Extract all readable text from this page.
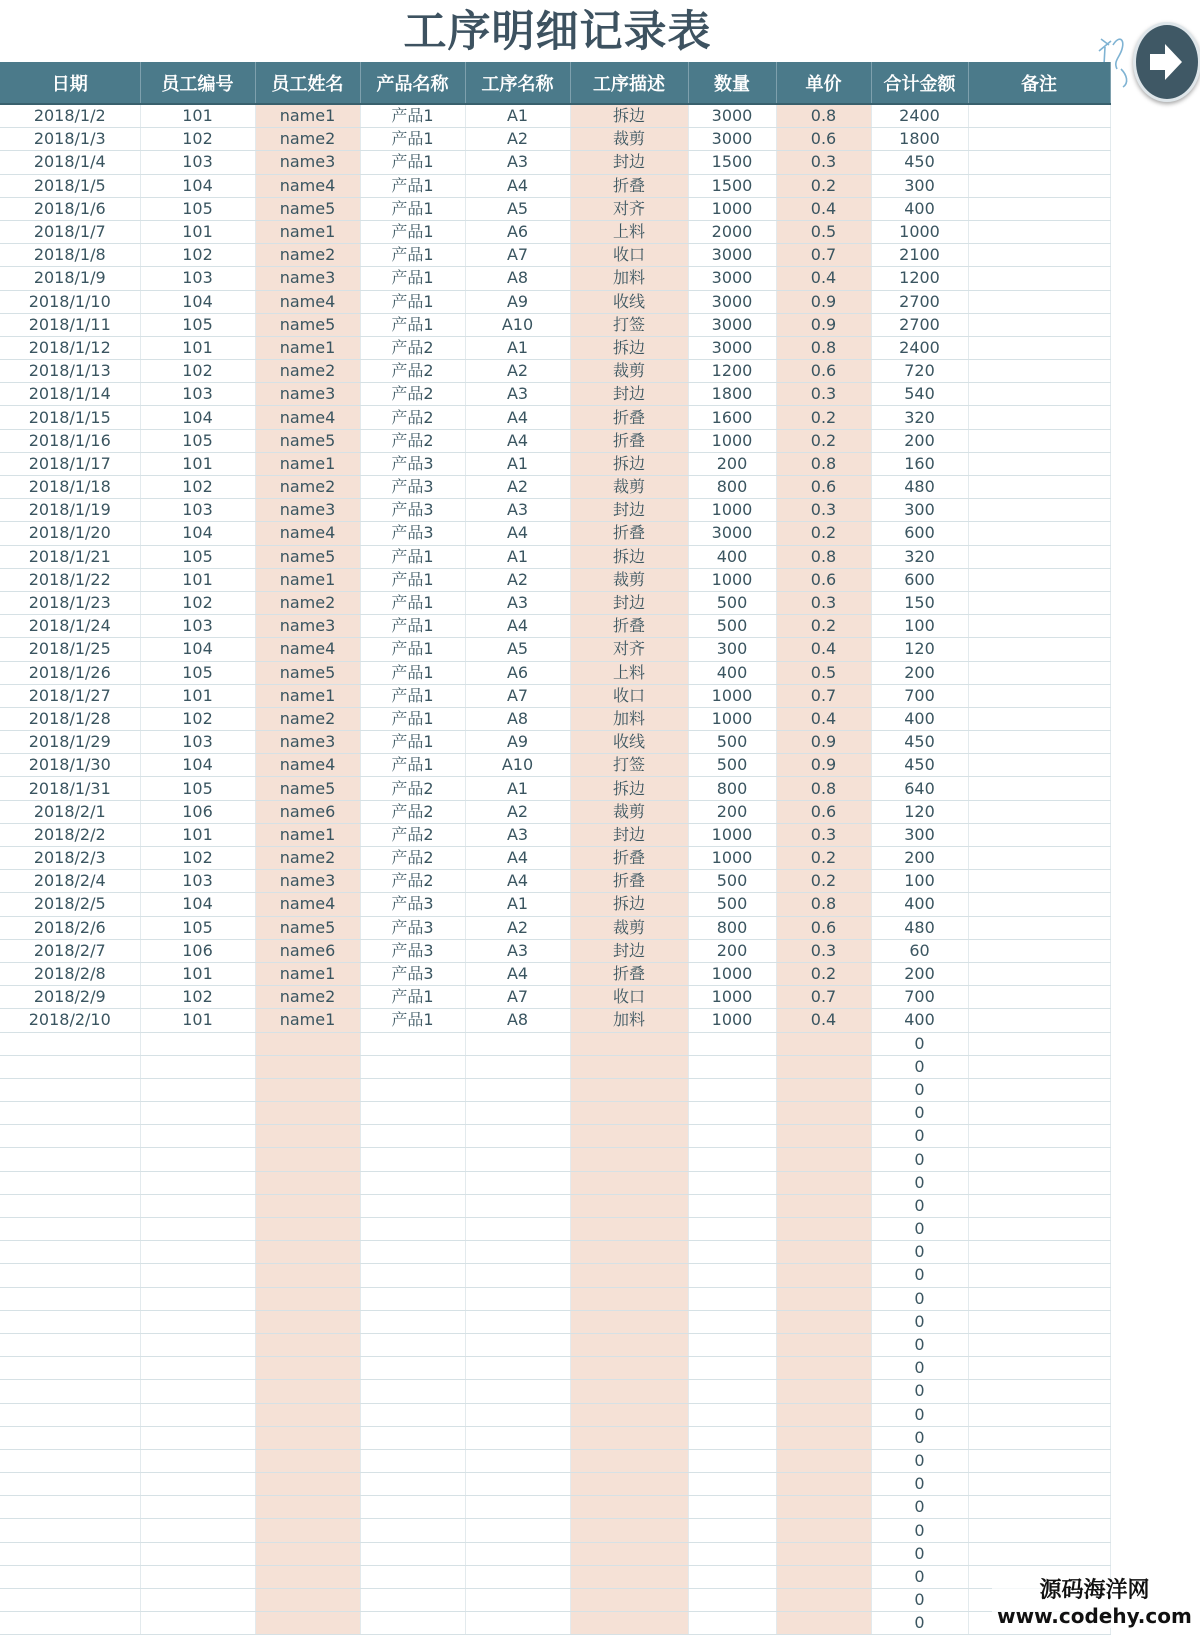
工序明细记录表
日期	员工编号	员工姓名	产品名称	工序名称	工序描述	数量	单价	合计金额	备注
2018/1/2	101	name1	产品1	A1	拆边	3000	0.8	2400	
2018/1/3	102	name2	产品1	A2	裁剪	3000	0.6	1800	
2018/1/4	103	name3	产品1	A3	封边	1500	0.3	450	
2018/1/5	104	name4	产品1	A4	折叠	1500	0.2	300	
2018/1/6	105	name5	产品1	A5	对齐	1000	0.4	400	
2018/1/7	101	name1	产品1	A6	上料	2000	0.5	1000	
2018/1/8	102	name2	产品1	A7	收口	3000	0.7	2100	
2018/1/9	103	name3	产品1	A8	加料	3000	0.4	1200	
2018/1/10	104	name4	产品1	A9	收线	3000	0.9	2700	
2018/1/11	105	name5	产品1	A10	打签	3000	0.9	2700	
2018/1/12	101	name1	产品2	A1	拆边	3000	0.8	2400	
2018/1/13	102	name2	产品2	A2	裁剪	1200	0.6	720	
2018/1/14	103	name3	产品2	A3	封边	1800	0.3	540	
2018/1/15	104	name4	产品2	A4	折叠	1600	0.2	320	
2018/1/16	105	name5	产品2	A4	折叠	1000	0.2	200	
2018/1/17	101	name1	产品3	A1	拆边	200	0.8	160	
2018/1/18	102	name2	产品3	A2	裁剪	800	0.6	480	
2018/1/19	103	name3	产品3	A3	封边	1000	0.3	300	
2018/1/20	104	name4	产品3	A4	折叠	3000	0.2	600	
2018/1/21	105	name5	产品1	A1	拆边	400	0.8	320	
2018/1/22	101	name1	产品1	A2	裁剪	1000	0.6	600	
2018/1/23	102	name2	产品1	A3	封边	500	0.3	150	
2018/1/24	103	name3	产品1	A4	折叠	500	0.2	100	
2018/1/25	104	name4	产品1	A5	对齐	300	0.4	120	
2018/1/26	105	name5	产品1	A6	上料	400	0.5	200	
2018/1/27	101	name1	产品1	A7	收口	1000	0.7	700	
2018/1/28	102	name2	产品1	A8	加料	1000	0.4	400	
2018/1/29	103	name3	产品1	A9	收线	500	0.9	450	
2018/1/30	104	name4	产品1	A10	打签	500	0.9	450	
2018/1/31	105	name5	产品2	A1	拆边	800	0.8	640	
2018/2/1	106	name6	产品2	A2	裁剪	200	0.6	120	
2018/2/2	101	name1	产品2	A3	封边	1000	0.3	300	
2018/2/3	102	name2	产品2	A4	折叠	1000	0.2	200	
2018/2/4	103	name3	产品2	A4	折叠	500	0.2	100	
2018/2/5	104	name4	产品3	A1	拆边	500	0.8	400	
2018/2/6	105	name5	产品3	A2	裁剪	800	0.6	480	
2018/2/7	106	name6	产品3	A3	封边	200	0.3	60	
2018/2/8	101	name1	产品3	A4	折叠	1000	0.2	200	
2018/2/9	102	name2	产品1	A7	收口	1000	0.7	700	
2018/2/10	101	name1	产品1	A8	加料	1000	0.4	400	
								0	
								0	
								0	
								0	
								0	
								0	
								0	
								0	
								0	
								0	
								0	
								0	
								0	
								0	
								0	
								0	
								0	
								0	
								0	
								0	
								0	
								0	
								0	
								0	
								0	
								0	
源码海洋网
www.codehy.com
